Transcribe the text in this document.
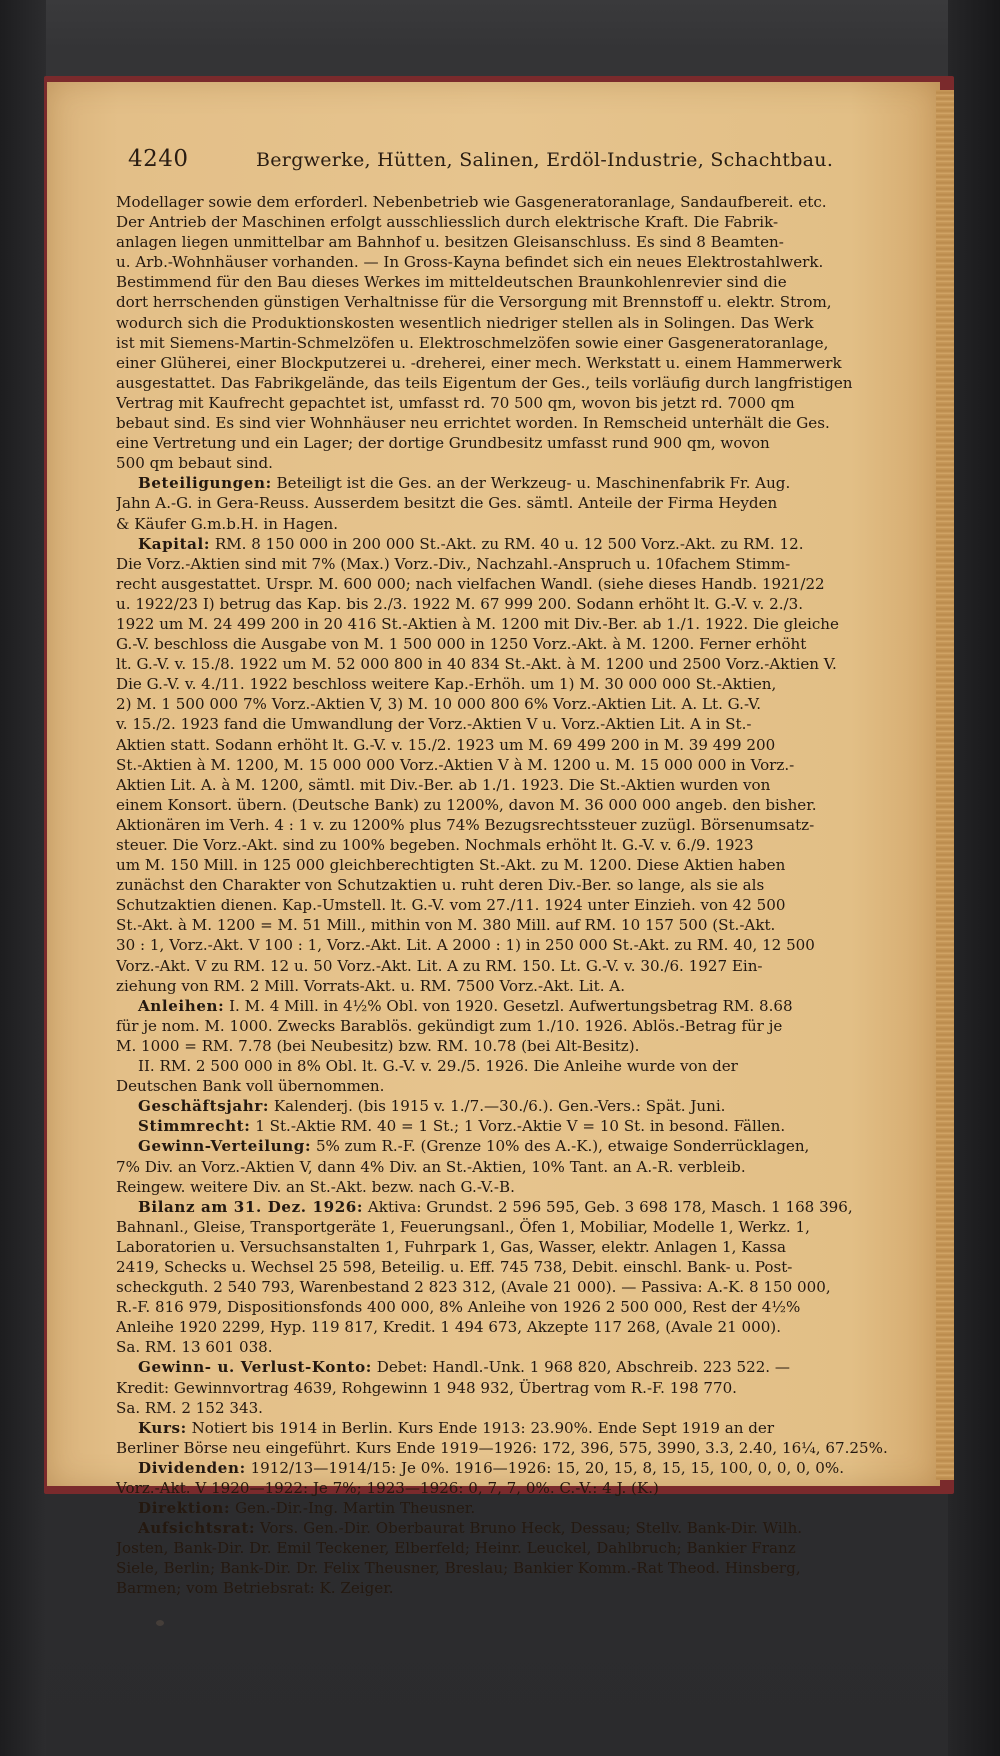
4240	Bergwerke, Hütten, Salinen, Erdöl-Industrie, Schachtbau.
Modellager sowie dem erforderl. Nebenbetrieb wie Gasgeneratoranlage, Sandaufbereit. etc.
Der Antrieb der Maschinen erfolgt ausschliesslich durch elektrische Kraft. Die Fabrik-
anlagen liegen unmittelbar am Bahnhof u. besitzen Gleisanschluss. Es sind 8 Beamten-
u. Arb.-Wohnhäuser vorhanden. — In Gross-Kayna befindet sich ein neues Elektrostahlwerk.
Bestimmend für den Bau dieses Werkes im mitteldeutschen Braunkohlenrevier sind die
dort herrschenden günstigen Verhaltnisse für die Versorgung mit Brennstoff u. elektr. Strom,
wodurch sich die Produktionskosten wesentlich niedriger stellen als in Solingen. Das Werk
ist mit Siemens-Martin-Schmelzöfen u. Elektroschmelzöfen sowie einer Gasgeneratoranlage,
einer Glüherei, einer Blockputzerei u. -dreherei, einer mech. Werkstatt u. einem Hammerwerk
ausgestattet. Das Fabrikgelände, das teils Eigentum der Ges., teils vorläufig durch langfristigen
Vertrag mit Kaufrecht gepachtet ist, umfasst rd. 70 500 qm, wovon bis jetzt rd. 7000 qm
bebaut sind. Es sind vier Wohnhäuser neu errichtet worden. In Remscheid unterhält die Ges.
eine Vertretung und ein Lager; der dortige Grundbesitz umfasst rund 900 qm, wovon
500 qm bebaut sind.
Beteiligungen: Beteiligt ist die Ges. an der Werkzeug- u. Maschinenfabrik Fr. Aug.
Jahn A.-G. in Gera-Reuss. Ausserdem besitzt die Ges. sämtl. Anteile der Firma Heyden
& Käufer G.m.b.H. in Hagen.
Kapital: RM. 8 150 000 in 200 000 St.-Akt. zu RM. 40 u. 12 500 Vorz.-Akt. zu RM. 12.
Die Vorz.-Aktien sind mit 7% (Max.) Vorz.-Div., Nachzahl.-Anspruch u. 10fachem Stimm-
recht ausgestattet. Urspr. M. 600 000; nach vielfachen Wandl. (siehe dieses Handb. 1921/22
u. 1922/23 I) betrug das Kap. bis 2./3. 1922 M. 67 999 200. Sodann erhöht lt. G.-V. v. 2./3.
1922 um M. 24 499 200 in 20 416 St.-Aktien à M. 1200 mit Div.-Ber. ab 1./1. 1922. Die gleiche
G.-V. beschloss die Ausgabe von M. 1 500 000 in 1250 Vorz.-Akt. à M. 1200. Ferner erhöht
lt. G.-V. v. 15./8. 1922 um M. 52 000 800 in 40 834 St.-Akt. à M. 1200 und 2500 Vorz.-Aktien V.
Die G.-V. v. 4./11. 1922 beschloss weitere Kap.-Erhöh. um 1) M. 30 000 000 St.-Aktien,
2) M. 1 500 000 7% Vorz.-Aktien V, 3) M. 10 000 800 6% Vorz.-Aktien Lit. A. Lt. G.-V.
v. 15./2. 1923 fand die Umwandlung der Vorz.-Aktien V u. Vorz.-Aktien Lit. A in St.-
Aktien statt. Sodann erhöht lt. G.-V. v. 15./2. 1923 um M. 69 499 200 in M. 39 499 200
St.-Aktien à M. 1200, M. 15 000 000 Vorz.-Aktien V à M. 1200 u. M. 15 000 000 in Vorz.-
Aktien Lit. A. à M. 1200, sämtl. mit Div.-Ber. ab 1./1. 1923. Die St.-Aktien wurden von
einem Konsort. übern. (Deutsche Bank) zu 1200%, davon M. 36 000 000 angeb. den bisher.
Aktionären im Verh. 4 : 1 v. zu 1200% plus 74% Bezugsrechtssteuer zuzügl. Börsenumsatz-
steuer. Die Vorz.-Akt. sind zu 100% begeben. Nochmals erhöht lt. G.-V. v. 6./9. 1923
um M. 150 Mill. in 125 000 gleichberechtigten St.-Akt. zu M. 1200. Diese Aktien haben
zunächst den Charakter von Schutzaktien u. ruht deren Div.-Ber. so lange, als sie als
Schutzaktien dienen. Kap.-Umstell. lt. G.-V. vom 27./11. 1924 unter Einzieh. von 42 500
St.-Akt. à M. 1200 = M. 51 Mill., mithin von M. 380 Mill. auf RM. 10 157 500 (St.-Akt.
30 : 1, Vorz.-Akt. V 100 : 1, Vorz.-Akt. Lit. A 2000 : 1) in 250 000 St.-Akt. zu RM. 40, 12 500
Vorz.-Akt. V zu RM. 12 u. 50 Vorz.-Akt. Lit. A zu RM. 150. Lt. G.-V. v. 30./6. 1927 Ein-
ziehung von RM. 2 Mill. Vorrats-Akt. u. RM. 7500 Vorz.-Akt. Lit. A.
Anleihen: I. M. 4 Mill. in 4½% Obl. von 1920. Gesetzl. Aufwertungsbetrag RM. 8.68
für je nom. M. 1000. Zwecks Barablös. gekündigt zum 1./10. 1926. Ablös.-Betrag für je
M. 1000 = RM. 7.78 (bei Neubesitz) bzw. RM. 10.78 (bei Alt-Besitz).
II. RM. 2 500 000 in 8% Obl. lt. G.-V. v. 29./5. 1926. Die Anleihe wurde von der
Deutschen Bank voll übernommen.
Geschäftsjahr: Kalenderj. (bis 1915 v. 1./7.—30./6.). Gen.-Vers.: Spät. Juni.
Stimmrecht: 1 St.-Aktie RM. 40 = 1 St.; 1 Vorz.-Aktie V = 10 St. in besond. Fällen.
Gewinn-Verteilung: 5% zum R.-F. (Grenze 10% des A.-K.), etwaige Sonderrücklagen,
7% Div. an Vorz.-Aktien V, dann 4% Div. an St.-Aktien, 10% Tant. an A.-R. verbleib.
Reingew. weitere Div. an St.-Akt. bezw. nach G.-V.-B.
Bilanz am 31. Dez. 1926: Aktiva: Grundst. 2 596 595, Geb. 3 698 178, Masch. 1 168 396,
Bahnanl., Gleise, Transportgeräte 1, Feuerungsanl., Öfen 1, Mobiliar, Modelle 1, Werkz. 1,
Laboratorien u. Versuchsanstalten 1, Fuhrpark 1, Gas, Wasser, elektr. Anlagen 1, Kassa
2419, Schecks u. Wechsel 25 598, Beteilig. u. Eff. 745 738, Debit. einschl. Bank- u. Post-
scheckguth. 2 540 793, Warenbestand 2 823 312, (Avale 21 000). — Passiva: A.-K. 8 150 000,
R.-F. 816 979, Dispositionsfonds 400 000, 8% Anleihe von 1926 2 500 000, Rest der 4½%
Anleihe 1920 2299, Hyp. 119 817, Kredit. 1 494 673, Akzepte 117 268, (Avale 21 000).
Sa. RM. 13 601 038.
Gewinn- u. Verlust-Konto: Debet: Handl.-Unk. 1 968 820, Abschreib. 223 522. —
Kredit: Gewinnvortrag 4639, Rohgewinn 1 948 932, Übertrag vom R.-F. 198 770.
Sa. RM. 2 152 343.
Kurs: Notiert bis 1914 in Berlin. Kurs Ende 1913: 23.90%. Ende Sept 1919 an der
Berliner Börse neu eingeführt. Kurs Ende 1919—1926: 172, 396, 575, 3990, 3.3, 2.40, 16¼, 67.25%.
Dividenden: 1912/13—1914/15: Je 0%. 1916—1926: 15, 20, 15, 8, 15, 15, 100, 0, 0, 0, 0%.
Vorz.-Akt. V 1920—1922: Je 7%; 1923—1926: 0, 7, 7, 0%. C.-V.: 4 J. (K.)
Direktion: Gen.-Dir.-Ing. Martin Theusner.
Aufsichtsrat: Vors. Gen.-Dir. Oberbaurat Bruno Heck, Dessau; Stellv. Bank-Dir. Wilh.
Josten, Bank-Dir. Dr. Emil Teckener, Elberfeld; Heinr. Leuckel, Dahlbruch; Bankier Franz
Siele, Berlin; Bank-Dir. Dr. Felix Theusner, Breslau; Bankier Komm.-Rat Theod. Hinsberg,
Barmen; vom Betriebsrat: K. Zeiger.
